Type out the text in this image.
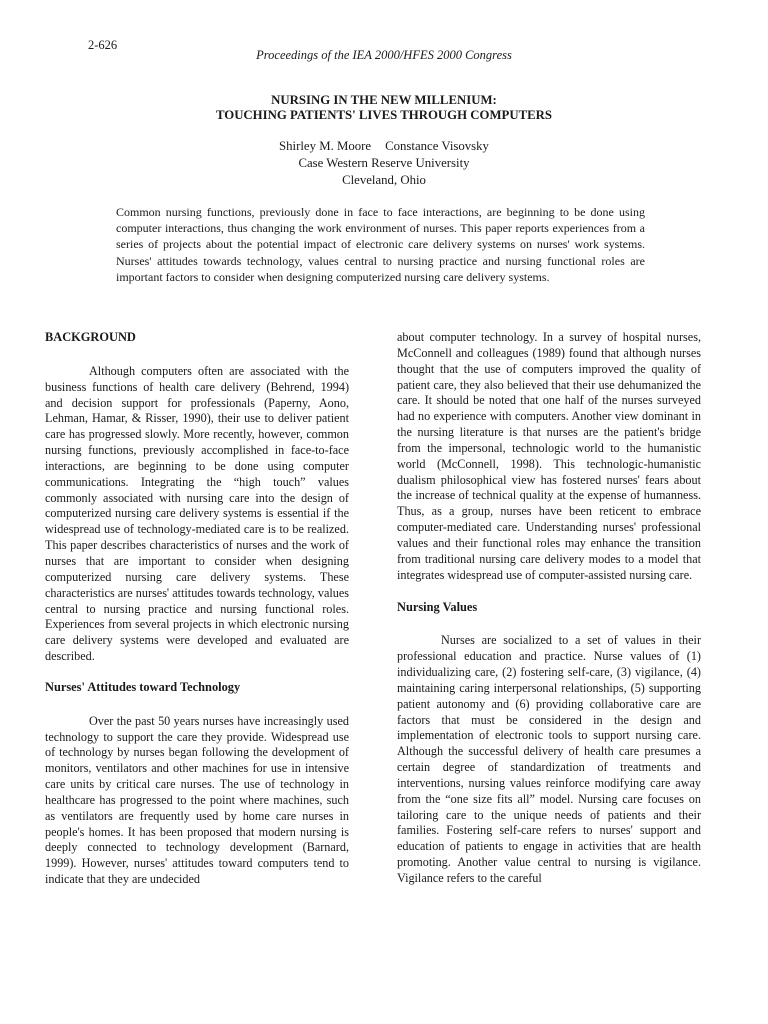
2-626
Proceedings of the IEA 2000/HFES 2000 Congress
NURSING IN THE NEW MILLENIUM:
TOUCHING PATIENTS' LIVES THROUGH COMPUTERS
Shirley M. Moore Constance Visovsky
Case Western Reserve University
Cleveland, Ohio
Common nursing functions, previously done in face to face interactions, are beginning to be done using computer interactions, thus changing the work environment of nurses. This paper reports experiences from a series of projects about the potential impact of electronic care delivery systems on nurses' work systems. Nurses' attitudes towards technology, values central to nursing practice and nursing functional roles are important factors to consider when designing computerized nursing care delivery systems.
BACKGROUND

Although computers often are associated with the business functions of health care delivery (Behrend, 1994) and decision support for professionals (Paperny, Aono, Lehman, Hamar, & Risser, 1990), their use to deliver patient care has progressed slowly. More recently, however, common nursing functions, previously accomplished in face-to-face interactions, are beginning to be done using computer communications. Integrating the “high touch” values commonly associated with nursing care into the design of computerized nursing care delivery systems is essential if the widespread use of technology-mediated care is to be realized. This paper describes characteristics of nurses and the work of nurses that are important to consider when designing computerized nursing care delivery systems. These characteristics are nurses' attitudes towards technology, values central to nursing practice and nursing functional roles. Experiences from several projects in which electronic nursing care delivery systems were developed and evaluated are described.

Nurses' Attitudes toward Technology

Over the past 50 years nurses have increasingly used technology to support the care they provide. Widespread use of technology by nurses began following the development of monitors, ventilators and other machines for use in intensive care units by critical care nurses. The use of technology in healthcare has progressed to the point where machines, such as ventilators are frequently used by home care nurses in people's homes. It has been proposed that modern nursing is deeply connected to technology development (Barnard, 1999). However, nurses' attitudes toward computers tend to indicate that they are undecided

about computer technology. In a survey of hospital nurses, McConnell and colleagues (1989) found that although nurses thought that the use of computers improved the quality of patient care, they also believed that their use dehumanized the care. It should be noted that one half of the nurses surveyed had no experience with computers. Another view dominant in the nursing literature is that nurses are the patient's bridge from the impersonal, technologic world to the humanistic world (McConnell, 1998). This technologic-humanistic dualism philosophical view has fostered nurses' fears about the increase of technical quality at the expense of humanness. Thus, as a group, nurses have been reticent to embrace computer-mediated care. Understanding nurses' professional values and their functional roles may enhance the transition from traditional nursing care delivery modes to a model that integrates widespread use of computer-assisted nursing care.

Nursing Values

Nurses are socialized to a set of values in their professional education and practice. Nurse values of (1) individualizing care, (2) fostering self-care, (3) vigilance, (4) maintaining caring interpersonal relationships, (5) supporting patient autonomy and (6) providing collaborative care are factors that must be considered in the design and implementation of electronic tools to support nursing care. Although the successful delivery of health care presumes a certain degree of standardization of treatments and interventions, nursing values reinforce modifying care away from the “one size fits all” model. Nursing care focuses on tailoring care to the unique needs of patients and their families. Fostering self-care refers to nurses' support and education of patients to engage in activities that are health promoting. Another value central to nursing is vigilance. Vigilance refers to the careful
